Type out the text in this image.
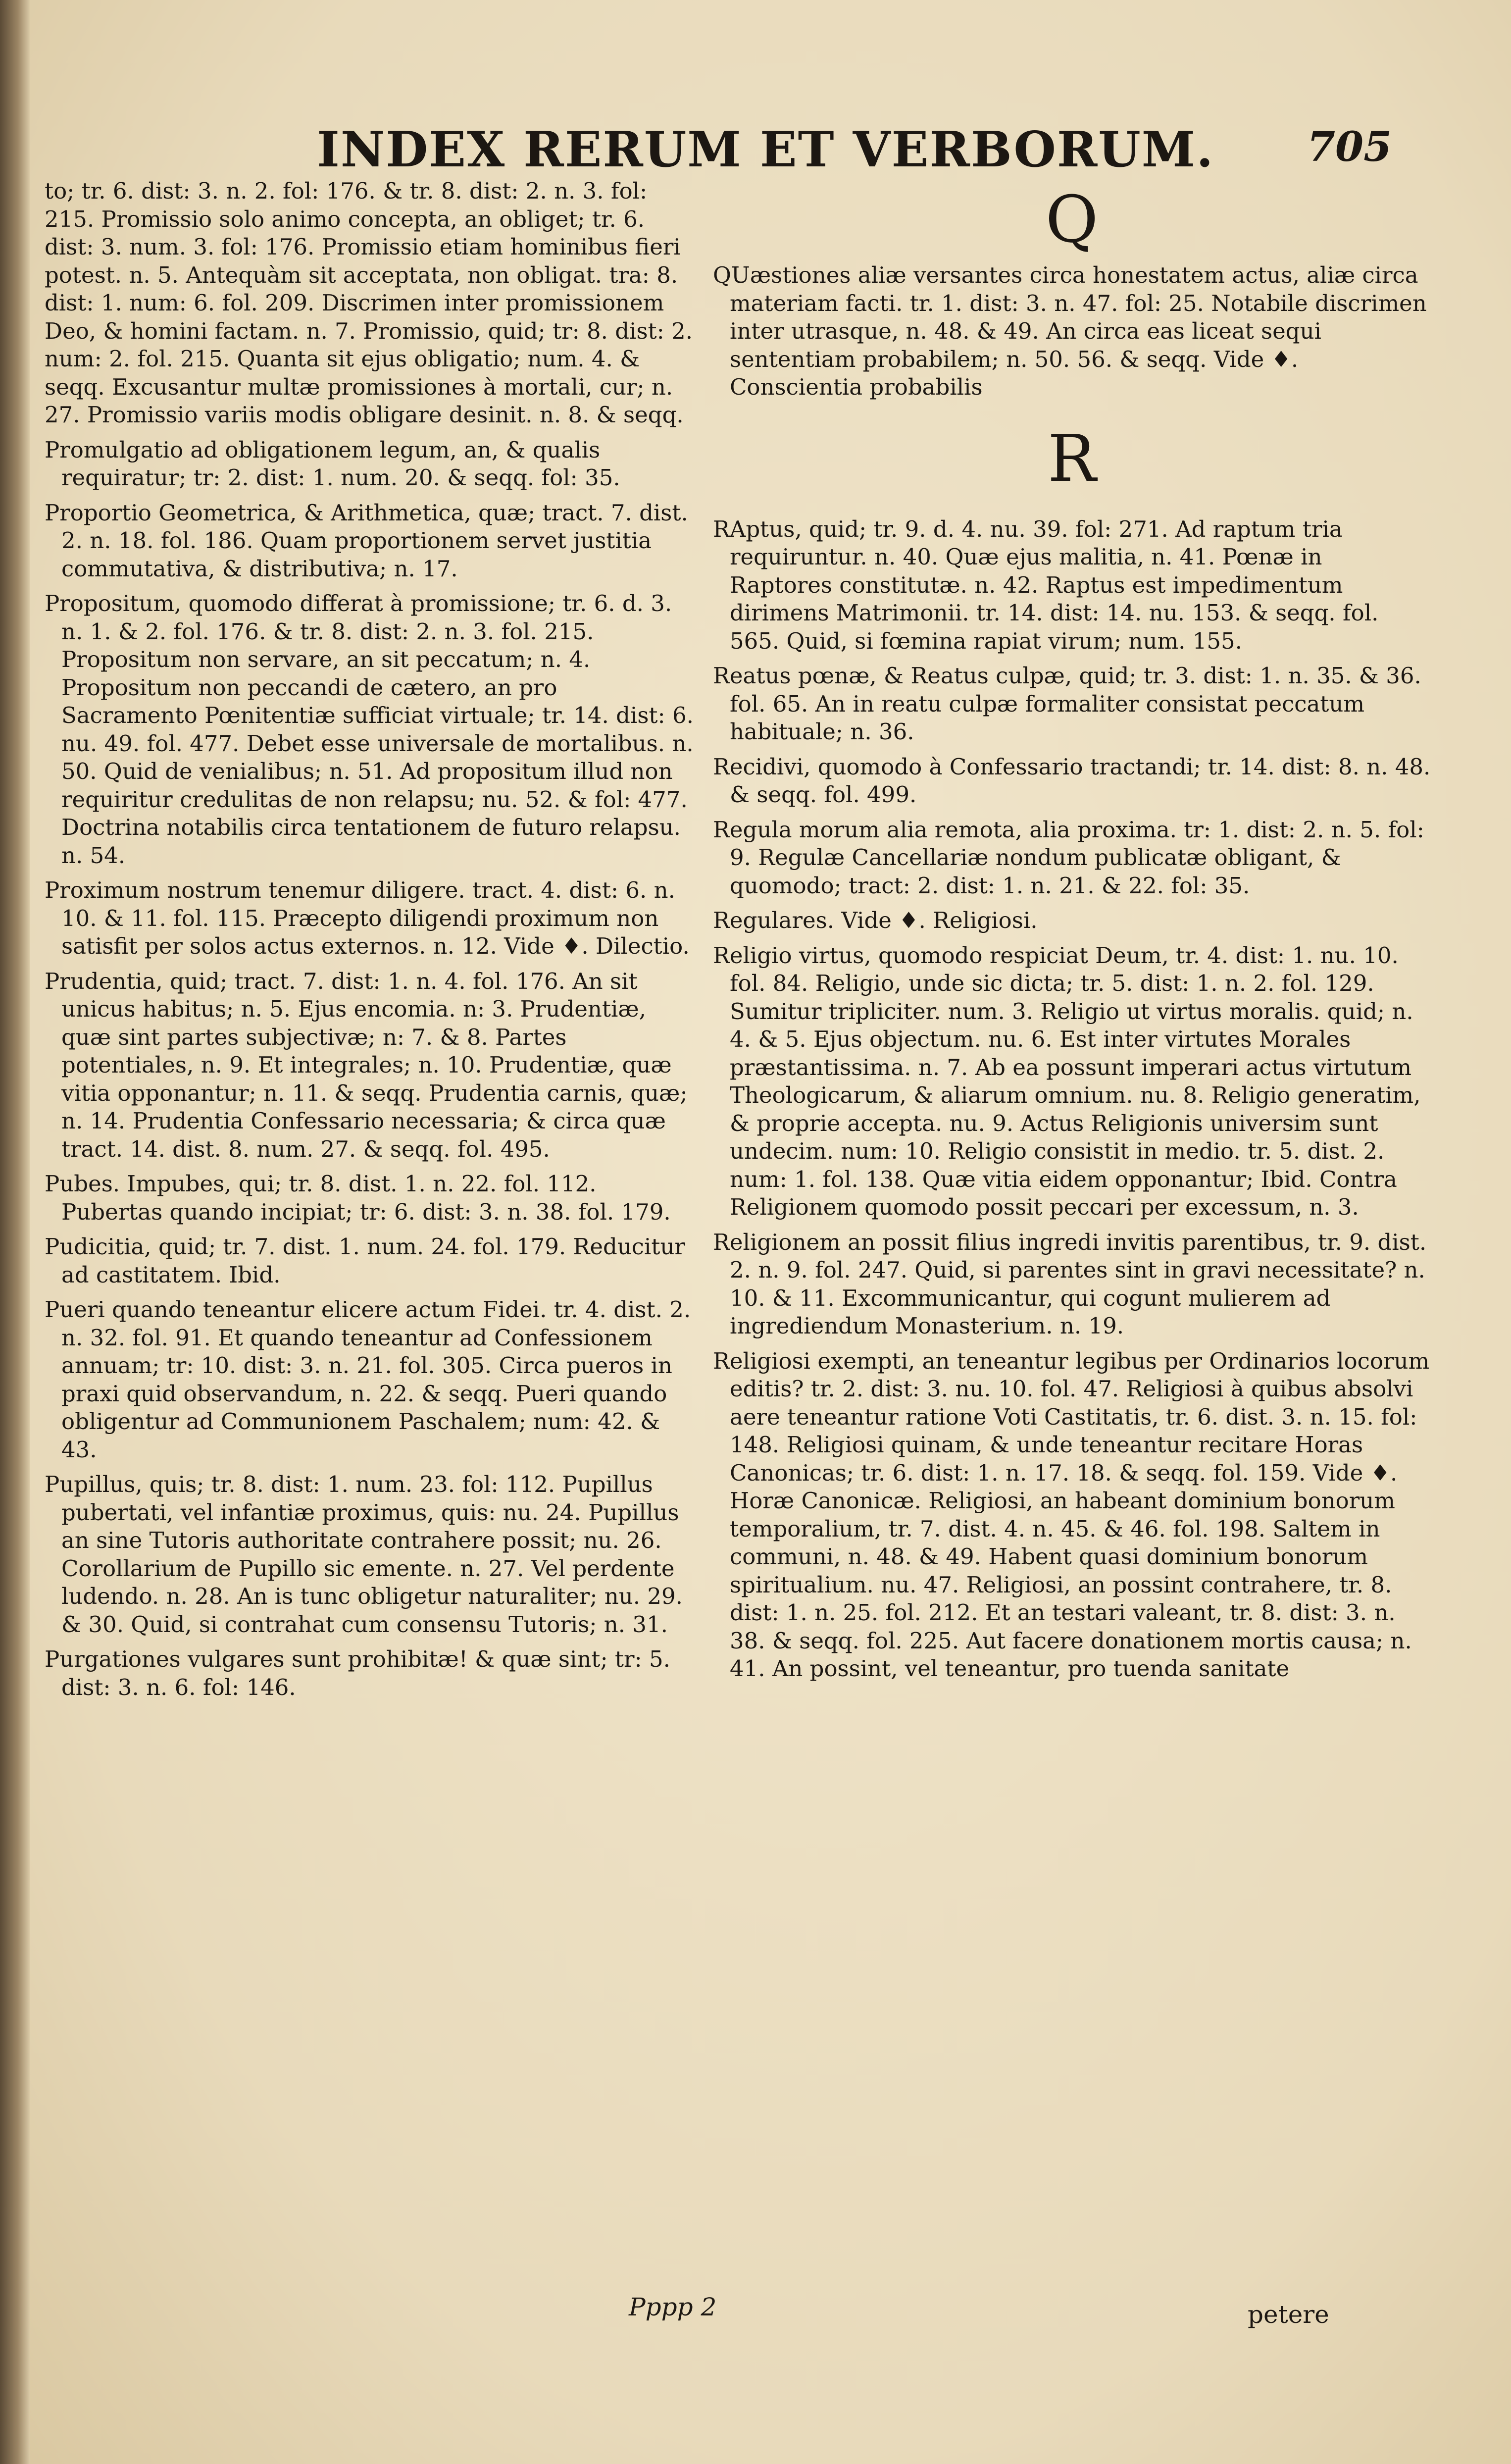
INDEX RERUM ET VERBORUM. 705

to; tr. 6. dist: 3. n. 2. fol: 176. & tr. 8. dist: 2. n. 3. fol: 215. Promissio solo animo concepta, an obliget; tr. 6. dist: 3. num. 3. fol: 176. Promissio etiam hominibus fieri potest. n. 5. Antequàm sit acceptata, non obligat. tra: 8. dist: 1. num: 6. fol. 209. Discrimen inter promissionem Deo, & homini factam. n. 7. Promissio, quid; tr: 8. dist: 2. num: 2. fol. 215. Quanta sit ejus obligatio; num. 4. & seqq. Excusantur multæ promissiones à mortali, cur; n. 27. Promissio variis modis obligare desinit. n. 8. & seqq.

Promulgatio ad obligationem legum, an, & qualis requiratur; tr: 2. dist: 1. num. 20. & seqq. fol: 35.

Proportio Geometrica, & Arithmetica, quæ; tract. 7. dist. 2. n. 18. fol. 186. Quam proportionem servet justitia commutativa, & distributiva; n. 17.

Propositum, quomodo differat à promissione; tr. 6. d. 3. n. 1. & 2. fol. 176. & tr. 8. dist: 2. n. 3. fol. 215. Propositum non servare, an sit peccatum; n. 4. Propositum non peccandi de cætero, an pro Sacramento Pœnitentiæ sufficiat virtuale; tr. 14. dist: 6. nu. 49. fol. 477. Debet esse universale de mortalibus. n. 50. Quid de venialibus; n. 51. Ad propositum illud non requiritur credulitas de non relapsu; nu. 52. & fol: 477. Doctrina notabilis circa tentationem de futuro relapsu. n. 54.

Proximum nostrum tenemur diligere. tract. 4. dist: 6. n. 10. & 11. fol. 115. Præcepto diligendi proximum non satisfit per solos actus externos. n. 12. Vide ♦. Dilectio.

Prudentia, quid; tract. 7. dist: 1. n. 4. fol. 176. An sit unicus habitus; n. 5. Ejus encomia. n: 3. Prudentiæ, quæ sint partes subjectivæ; n: 7. & 8. Partes potentiales, n. 9. Et integrales; n. 10. Prudentiæ, quæ vitia opponantur; n. 11. & seqq. Prudentia carnis, quæ; n. 14. Prudentia Confessario necessaria; & circa quæ tract. 14. dist. 8. num. 27. & seqq. fol. 495.

Pubes. Impubes, qui; tr. 8. dist. 1. n. 22. fol. 112. Pubertas quando incipiat; tr: 6. dist: 3. n. 38. fol. 179.

Pudicitia, quid; tr. 7. dist. 1. num. 24. fol. 179. Reducitur ad castitatem. Ibid.

Pueri quando teneantur elicere actum Fidei. tr. 4. dist. 2. n. 32. fol. 91. Et quando teneantur ad Confessionem annuam; tr: 10. dist: 3. n. 21. fol. 305. Circa pueros in praxi quid observandum, n. 22. & seqq. Pueri quando obligentur ad Communionem Paschalem; num: 42. & 43.

Pupillus, quis; tr. 8. dist: 1. num. 23. fol: 112. Pupillus pubertati, vel infantiæ proximus, quis: nu. 24. Pupillus an sine Tutoris authoritate contrahere possit; nu. 26. Corollarium de Pupillo sic emente. n. 27. Vel perdente ludendo. n. 28. An is tunc obligetur naturaliter; nu. 29. & 30. Quid, si contrahat cum consensu Tutoris; n. 31.

Purgationes vulgares sunt prohibitæ! & quæ sint; tr: 5. dist: 3. n. 6. fol: 146.

Q

QUæstiones aliæ versantes circa honestatem actus, aliæ circa materiam facti. tr. 1. dist: 3. n. 47. fol: 25. Notabile discrimen inter utrasque, n. 48. & 49. An circa eas liceat sequi sententiam probabilem; n. 50. 56. & seqq. Vide ♦. Conscientia probabilis

R

RAptus, quid; tr. 9. d. 4. nu. 39. fol: 271. Ad raptum tria requiruntur. n. 40. Quæ ejus malitia, n. 41. Pœnæ in Raptores constitutæ. n. 42. Raptus est impedimentum dirimens Matrimonii. tr. 14. dist: 14. nu. 153. & seqq. fol. 565. Quid, si fœmina rapiat virum; num. 155.

Reatus pœnæ, & Reatus culpæ, quid; tr. 3. dist: 1. n. 35. & 36. fol. 65. An in reatu culpæ formaliter consistat peccatum habituale; n. 36.

Recidivi, quomodo à Confessario tractandi; tr. 14. dist: 8. n. 48. & seqq. fol. 499.

Regula morum alia remota, alia proxima. tr: 1. dist: 2. n. 5. fol: 9. Regulæ Cancellariæ nondum publicatæ obligant, & quomodo; tract: 2. dist: 1. n. 21. & 22. fol: 35.

Regulares. Vide ♦. Religiosi.

Religio virtus, quomodo respiciat Deum, tr. 4. dist: 1. nu. 10. fol. 84. Religio, unde sic dicta; tr. 5. dist: 1. n. 2. fol. 129. Sumitur tripliciter. num. 3. Religio ut virtus moralis. quid; n. 4. & 5. Ejus objectum. nu. 6. Est inter virtutes Morales præstantissima. n. 7. Ab ea possunt imperari actus virtutum Theologicarum, & aliarum omnium. nu. 8. Religio generatim, & proprie accepta. nu. 9. Actus Religionis universim sunt undecim. num: 10. Religio consistit in medio. tr. 5. dist. 2. num: 1. fol. 138. Quæ vitia eidem opponantur; Ibid. Contra Religionem quomodo possit peccari per excessum, n. 3.

Religionem an possit filius ingredi invitis parentibus, tr. 9. dist. 2. n. 9. fol. 247. Quid, si parentes sint in gravi necessitate? n. 10. & 11. Excommunicantur, qui cogunt mulierem ad ingrediendum Monasterium. n. 19.

Religiosi exempti, an teneantur legibus per Ordinarios locorum editis? tr. 2. dist: 3. nu. 10. fol. 47. Religiosi à quibus absolvi aere teneantur ratione Voti Castitatis, tr. 6. dist. 3. n. 15. fol: 148. Religiosi quinam, & unde teneantur recitare Horas Canonicas; tr. 6. dist: 1. n. 17. 18. & seqq. fol. 159. Vide ♦. Horæ Canonicæ. Religiosi, an habeant dominium bonorum temporalium, tr. 7. dist. 4. n. 45. & 46. fol. 198. Saltem in communi, n. 48. & 49. Habent quasi dominium bonorum spiritualium. nu. 47. Religiosi, an possint contrahere, tr. 8. dist: 1. n. 25. fol. 212. Et an testari valeant, tr. 8. dist: 3. n. 38. & seqq. fol. 225. Aut facere donationem mortis causa; n. 41. An possint, vel teneantur, pro tuenda sanitate

Pppp 2	petere
